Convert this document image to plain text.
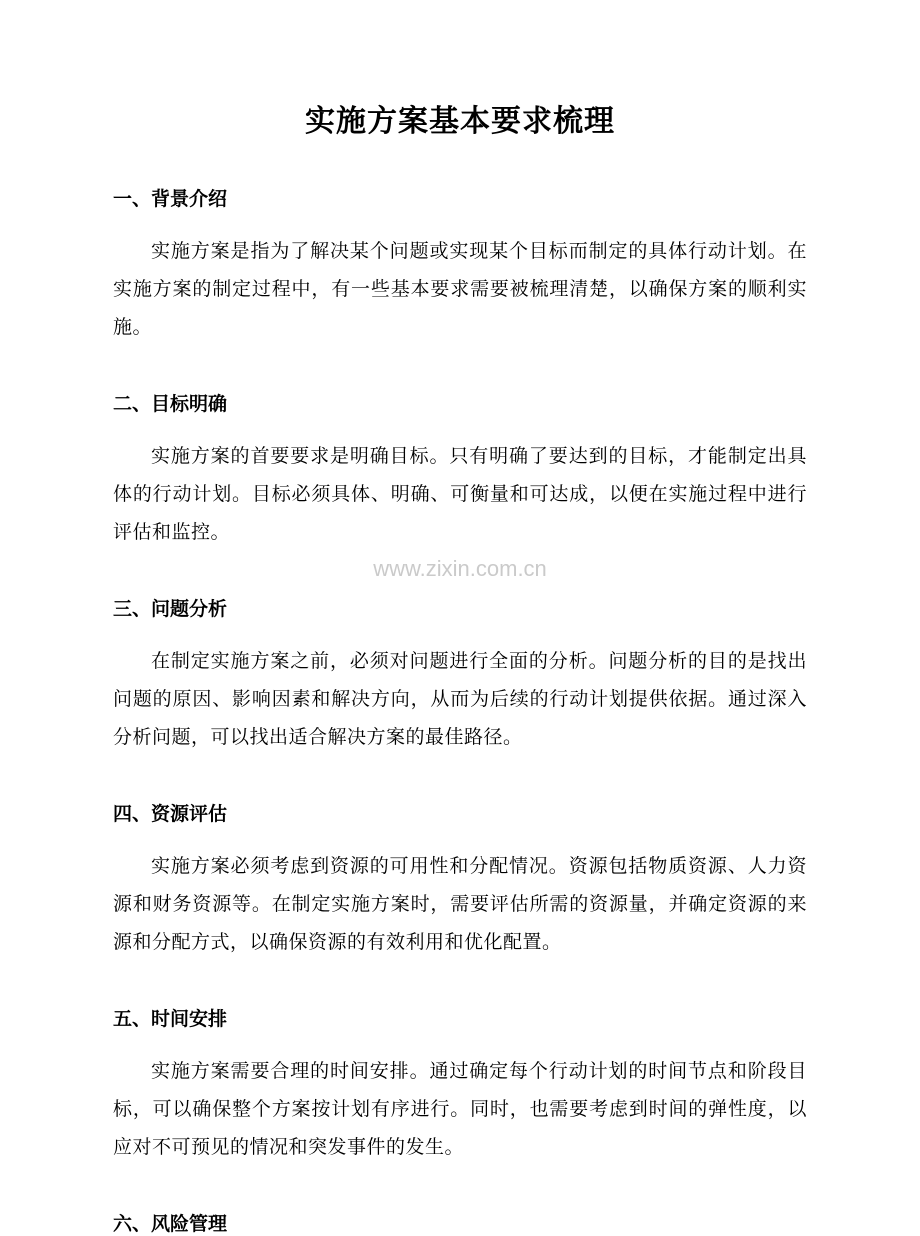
www.zixin.com.cn
实施方案基本要求梳理
一、背景介绍

实施方案是指为了解决某个问题或实现某个目标而制定的具体行动计划。在实施方案的制定过程中，有一些基本要求需要被梳理清楚，以确保方案的顺利实施。

二、目标明确

实施方案的首要要求是明确目标。只有明确了要达到的目标，才能制定出具体的行动计划。目标必须具体、明确、可衡量和可达成，以便在实施过程中进行评估和监控。

三、问题分析

在制定实施方案之前，必须对问题进行全面的分析。问题分析的目的是找出问题的原因、影响因素和解决方向，从而为后续的行动计划提供依据。通过深入分析问题，可以找出适合解决方案的最佳路径。

四、资源评估

实施方案必须考虑到资源的可用性和分配情况。资源包括物质资源、人力资源和财务资源等。在制定实施方案时，需要评估所需的资源量，并确定资源的来源和分配方式，以确保资源的有效利用和优化配置。

五、时间安排

实施方案需要合理的时间安排。通过确定每个行动计划的时间节点和阶段目标，可以确保整个方案按计划有序进行。同时，也需要考虑到时间的弹性度，以应对不可预见的情况和突发事件的发生。

六、风险管理
